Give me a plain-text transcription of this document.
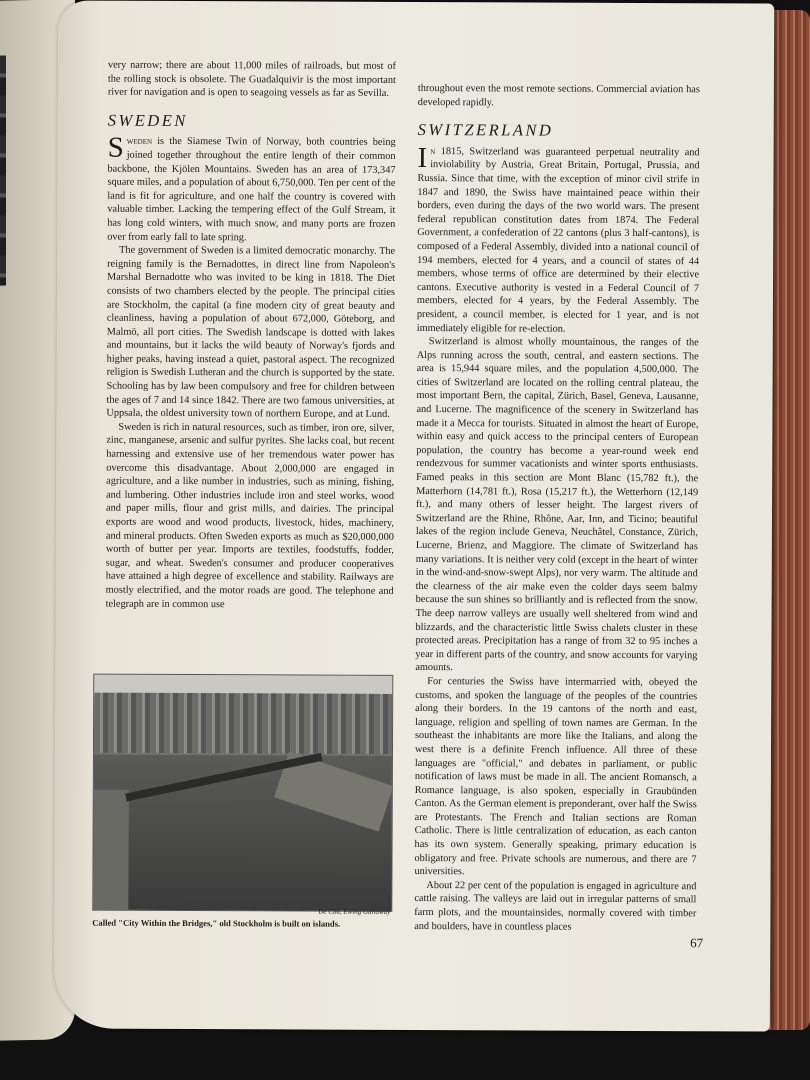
very narrow; there are about 11,000 miles of railroads, but most of the rolling stock is obsolete. The Guadalquivir is the most important river for navigation and is open to seagoing vessels as far as Sevilla.

SWEDEN

Sweden is the Siamese Twin of Norway, both countries being joined together throughout the entire length of their common backbone, the Kjölen Mountains. Sweden has an area of 173,347 square miles, and a population of about 6,750,000. Ten per cent of the land is fit for agriculture, and one half the country is covered with valuable timber. Lacking the tempering effect of the Gulf Stream, it has long cold winters, with much snow, and many ports are frozen over from early fall to late spring.

The government of Sweden is a limited democratic monarchy. The reigning family is the Bernadottes, in direct line from Napoleon's Marshal Bernadotte who was invited to be king in 1818. The Diet consists of two chambers elected by the people. The principal cities are Stockholm, the capital (a fine modern city of great beauty and cleanliness, having a population of about 672,000, Göteborg, and Malmö, all port cities. The Swedish landscape is dotted with lakes and mountains, but it lacks the wild beauty of Norway's fjords and higher peaks, having instead a quiet, pastoral aspect. The recognized religion is Swedish Lutheran and the church is supported by the state. Schooling has by law been compulsory and free for children between the ages of 7 and 14 since 1842. There are two famous universities, at Uppsala, the oldest university town of northern Europe, and at Lund.

Sweden is rich in natural resources, such as timber, iron ore, silver, zinc, manganese, arsenic and sulfur pyrites. She lacks coal, but recent harnessing and extensive use of her tremendous water power has overcome this disadvantage. About 2,000,000 are engaged in agriculture, and a like number in industries, such as mining, fishing, and lumbering. Other industries include iron and steel works, wood and paper mills, flour and grist mills, and dairies. The principal exports are wood and wood products, livestock, hides, machinery, and mineral products. Often Sweden exports as much as $20,000,000 worth of butter per year. Imports are textiles, foodstuffs, fodder, sugar, and wheat. Sweden's consumer and producer cooperatives have attained a high degree of excellence and stability. Railways are mostly electrified, and the motor roads are good. The telephone and telegraph are in common use

De Cou, Ewing Galloway
Called "City Within the Bridges," old Stockholm is built on islands.

throughout even the most remote sections. Commercial aviation has developed rapidly.

SWITZERLAND

In 1815, Switzerland was guaranteed perpetual neutrality and inviolability by Austria, Great Britain, Portugal, Prussia, and Russia. Since that time, with the exception of minor civil strife in 1847 and 1890, the Swiss have maintained peace within their borders, even during the days of the two world wars. The present federal republican constitution dates from 1874. The Federal Government, a confederation of 22 cantons (plus 3 half-cantons), is composed of a Federal Assembly, divided into a national council of 194 members, elected for 4 years, and a council of states of 44 members, whose terms of office are determined by their elective cantons. Executive authority is vested in a Federal Council of 7 members, elected for 4 years, by the Federal Assembly. The president, a council member, is elected for 1 year, and is not immediately eligible for re-election.

Switzerland is almost wholly mountainous, the ranges of the Alps running across the south, central, and eastern sections. The area is 15,944 square miles, and the population 4,500,000. The cities of Switzerland are located on the rolling central plateau, the most important Bern, the capital, Zürich, Basel, Geneva, Lausanne, and Lucerne. The magnificence of the scenery in Switzerland has made it a Mecca for tourists. Situated in almost the heart of Europe, within easy and quick access to the principal centers of European population, the country has become a year-round week end rendezvous for summer vacationists and winter sports enthusiasts. Famed peaks in this section are Mont Blanc (15,782 ft.), the Matterhorn (14,781 ft.), Rosa (15,217 ft.), the Wetterhorn (12,149 ft.), and many others of lesser height. The largest rivers of Switzerland are the Rhine, Rhône, Aar, Inn, and Ticino; beautiful lakes of the region include Geneva, Neuchâtel, Constance, Zürich, Lucerne, Brienz, and Maggiore. The climate of Switzerland has many variations. It is neither very cold (except in the heart of winter in the wind-and-snow-swept Alps), nor very warm. The altitude and the clearness of the air make even the colder days seem balmy because the sun shines so brilliantly and is reflected from the snow. The deep narrow valleys are usually well sheltered from wind and blizzards, and the characteristic little Swiss chalets cluster in these protected areas. Precipitation has a range of from 32 to 95 inches a year in different parts of the country, and snow accounts for varying amounts.

For centuries the Swiss have intermarried with, obeyed the customs, and spoken the language of the peoples of the countries along their borders. In the 19 cantons of the north and east, language, religion and spelling of town names are German. In the southeast the inhabitants are more like the Italians, and along the west there is a definite French influence. All three of these languages are "official," and debates in parliament, or public notification of laws must be made in all. The ancient Romansch, a Romance language, is also spoken, especially in Graubünden Canton. As the German element is preponderant, over half the Swiss are Protestants. The French and Italian sections are Roman Catholic. There is little centralization of education, as each canton has its own system. Generally speaking, primary education is obligatory and free. Private schools are numerous, and there are 7 universities.

About 22 per cent of the population is engaged in agriculture and cattle raising. The valleys are laid out in irregular patterns of small farm plots, and the mountainsides, normally covered with timber and boulders, have in countless places

67
